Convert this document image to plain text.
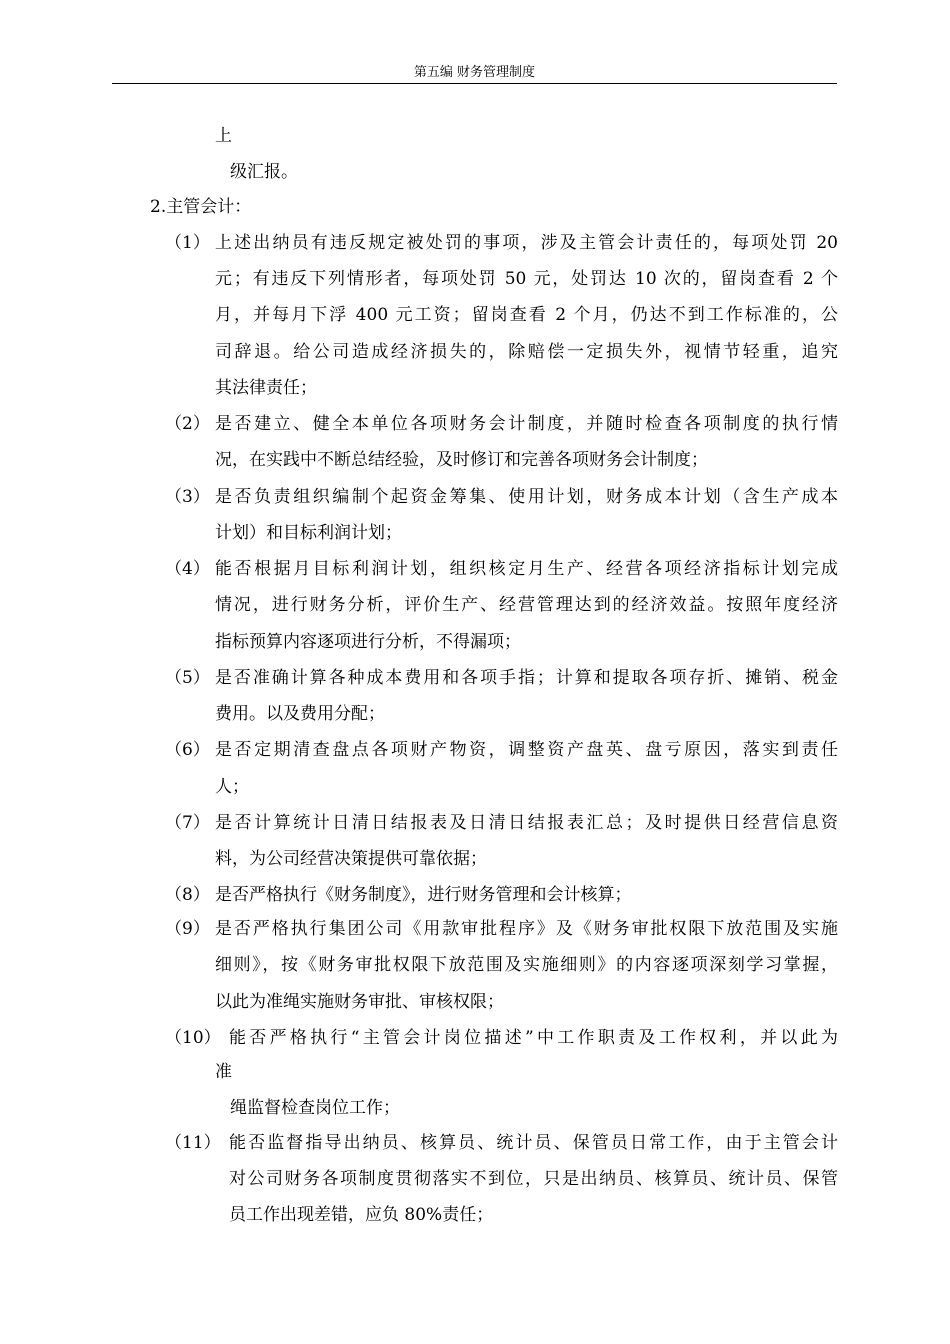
第五编 财务管理制度
上
级汇报。
2.主管会计：
（1） 上述出纳员有违反规定被处罚的事项，涉及主管会计责任的，每项处罚 20
元；有违反下列情形者，每项处罚 50 元，处罚达 10 次的，留岗查看 2 个
月，并每月下浮 400 元工资；留岗查看 2 个月，仍达不到工作标准的，公
司辞退。给公司造成经济损失的，除赔偿一定损失外，视情节轻重，追究
其法律责任；
（2） 是否建立、健全本单位各项财务会计制度，并随时检查各项制度的执行情
况，在实践中不断总结经验，及时修订和完善各项财务会计制度；
（3） 是否负责组织编制个起资金筹集、使用计划，财务成本计划（含生产成本
计划）和目标利润计划；
（4） 能否根据月目标利润计划，组织核定月生产、经营各项经济指标计划完成
情况，进行财务分析，评价生产、经营管理达到的经济效益。按照年度经济
指标预算内容逐项进行分析，不得漏项；
（5） 是否准确计算各种成本费用和各项手指；计算和提取各项存折、摊销、税金
费用。以及费用分配；
（6） 是否定期清查盘点各项财产物资，调整资产盘英、盘亏原因，落实到责任
人；
（7） 是否计算统计日清日结报表及日清日结报表汇总；及时提供日经营信息资
料，为公司经营决策提供可靠依据；
（8） 是否严格执行《财务制度》，进行财务管理和会计核算；
（9） 是否严格执行集团公司《用款审批程序》及《财务审批权限下放范围及实施
细则》，按《财务审批权限下放范围及实施细则》的内容逐项深刻学习掌握，
以此为准绳实施财务审批、审核权限；
（10） 能否严格执行“主管会计岗位描述”中工作职责及工作权利，并以此为
准
绳监督检查岗位工作；
（11） 能否监督指导出纳员、核算员、统计员、保管员日常工作，由于主管会计
对公司财务各项制度贯彻落实不到位，只是出纳员、核算员、统计员、保管
员工作出现差错，应负 80%责任；
